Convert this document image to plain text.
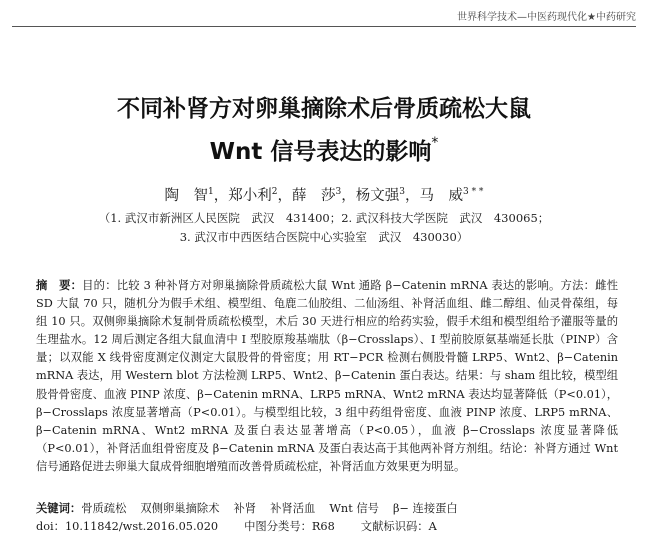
世界科学技术—中医药现代化★中药研究
不同补肾方对卵巢摘除术后骨质疏松大鼠
Wnt 信号表达的影响*
陶　智$^1$，郑小利$^2$，薛　莎$^3$，杨文强$^3$，马　威$^{3 * *}$
（1. 武汉市新洲区人民医院　武汉　431400；2. 武汉科技大学医院　武汉　430065；
3. 武汉市中西医结合医院中心实验室　武汉　430030）
摘　要：目的：比较 3 种补肾方对卵巢摘除骨质疏松大鼠 Wnt 通路 β−Catenin mRNA 表达的影响。方法：雌性 SD 大鼠 70 只，随机分为假手术组、模型组、龟鹿二仙胶组、二仙汤组、补肾活血组、雌二醇组、仙灵骨葆组，每组 10 只。双侧卵巢摘除术复制骨质疏松模型，术后 30 天进行相应的给药实验，假手术组和模型组给予灌服等量的生理盐水。12 周后测定各组大鼠血清中 I 型胶原羧基端肽（β−Crosslaps）、I 型前胶原氨基端延长肽（PINP）含量；以双能 X 线骨密度测定仪测定大鼠股骨的骨密度；用 RT−PCR 检测右侧股骨髓 LRP5、Wnt2、β−Catenin mRNA 表达，用 Western blot 方法检测 LRP5、Wnt2、β−Catenin 蛋白表达。结果：与 sham 组比较，模型组股骨骨密度、血液 PINP 浓度、β−Catenin mRNA、LRP5 mRNA、Wnt2 mRNA 表达均显著降低（P<0.01），β−Crosslaps 浓度显著增高（P<0.01）。与模型组比较，3 组中药组骨密度、血液 PINP 浓度、LRP5 mRNA、β−Catenin mRNA、Wnt2 mRNA 及蛋白表达显著增高（P<0.05），血液 β−Crosslaps 浓度显著降低（P<0.01），补肾活血组骨密度及 β−Catenin mRNA 及蛋白表达高于其他两补肾方剂组。结论：补肾方通过 Wnt 信号通路促进去卵巢大鼠成骨细胞增殖而改善骨质疏松症，补肾活血方效果更为明显。
关键词：骨质疏松 双侧卵巢摘除术 补肾 补肾活血 Wnt 信号 β− 连接蛋白
doi：10.11842/wst.2016.05.020 中图分类号：R68 文献标识码：A
